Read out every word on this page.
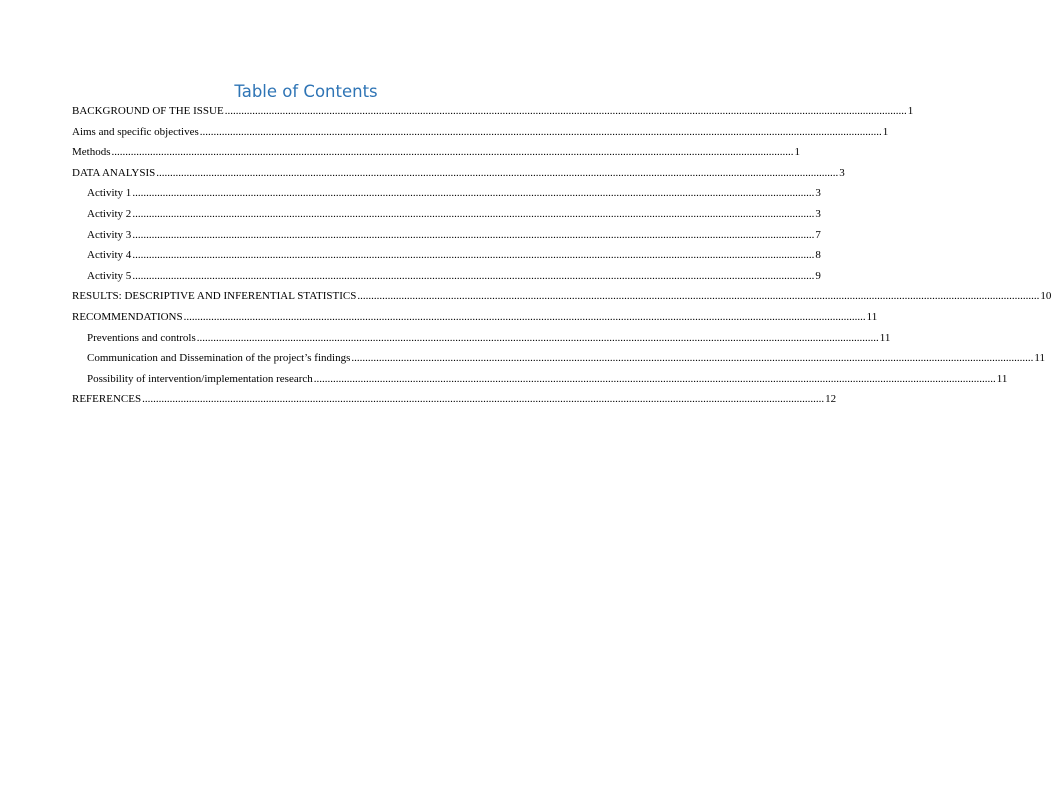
Table of Contents
BACKGROUND OF THE ISSUE ........................................................................................................................................................................................................................................................ 1
Aims and specific objectives ........................................................................................................................................................................................................................................................ 1
Methods ........................................................................................................................................................................................................................................................ 1
DATA ANALYSIS ........................................................................................................................................................................................................................................................ 3
Activity 1 ........................................................................................................................................................................................................................................................ 3
Activity 2 ........................................................................................................................................................................................................................................................ 3
Activity 3 ........................................................................................................................................................................................................................................................ 7
Activity 4 ........................................................................................................................................................................................................................................................ 8
Activity 5 ........................................................................................................................................................................................................................................................ 9
RESULTS: DESCRIPTIVE AND INFERENTIAL STATISTICS ........................................................................................................................................................................................................................................................ 10
RECOMMENDATIONS ........................................................................................................................................................................................................................................................ 11
Preventions and controls ........................................................................................................................................................................................................................................................ 11
Communication and Dissemination of the project’s findings ........................................................................................................................................................................................................................................................ 11
Possibility of intervention/implementation research ........................................................................................................................................................................................................................................................ 11
REFERENCES ........................................................................................................................................................................................................................................................ 12
